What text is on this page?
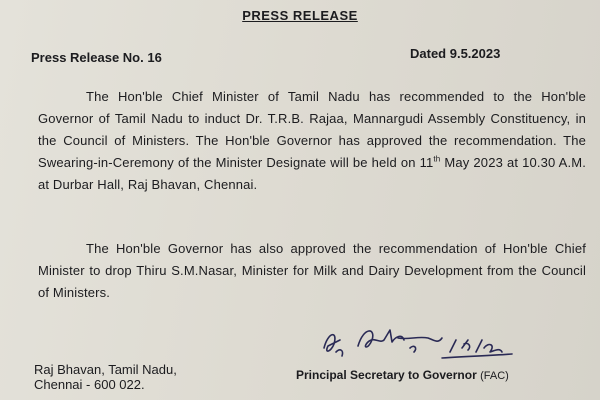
PRESS RELEASE
Press Release No. 16	Dated 9.5.2023
The Hon'ble Chief Minister of Tamil Nadu has recommended to the Hon'ble Governor of Tamil Nadu to induct Dr. T.R.B. Rajaa, Mannargudi Assembly Constituency, in the Council of Ministers. The Hon'ble Governor has approved the recommendation. The Swearing-in-Ceremony of the Minister Designate will be held on 11th May 2023 at 10.30 A.M. at Durbar Hall, Raj Bhavan, Chennai.
The Hon'ble Governor has also approved the recommendation of Hon'ble Chief Minister to drop Thiru S.M.Nasar, Minister for Milk and Dairy Development from the Council of Ministers.
Raj Bhavan, Tamil Nadu,
Chennai - 600 022.
Principal Secretary to Governor (FAC)
